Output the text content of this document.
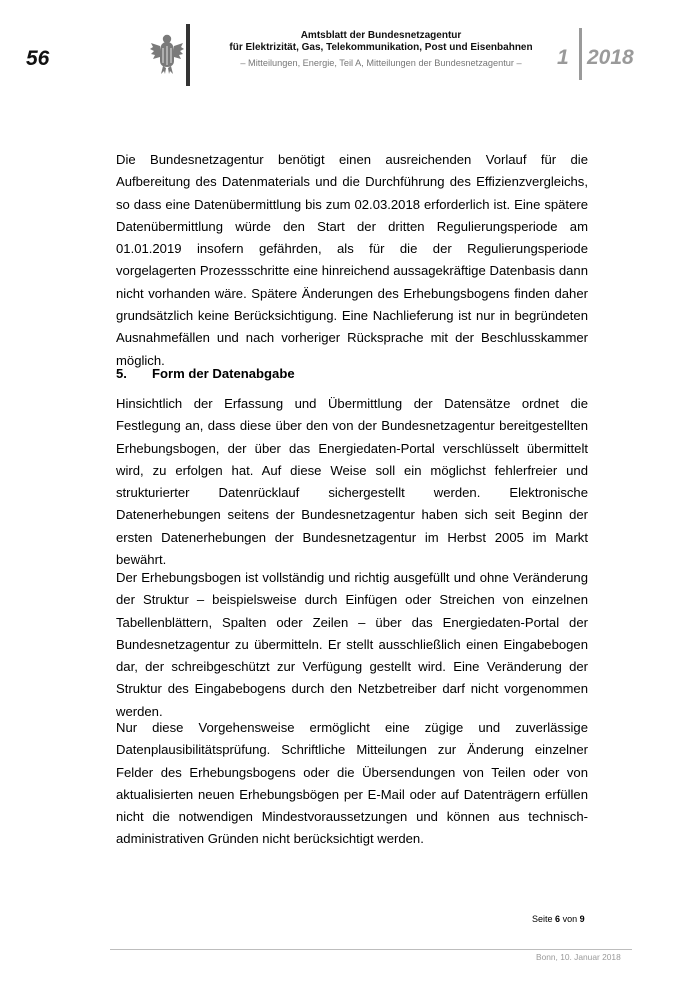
56
Amtsblatt der Bundesnetzagentur
für Elektrizität, Gas, Telekommunikation, Post und Eisenbahnen
– Mitteilungen, Energie, Teil A, Mitteilungen der Bundesnetzagentur –	1 2018

Die Bundesnetzagentur benötigt einen ausreichenden Vorlauf für die Aufbereitung des Datenmaterials und die Durchführung des Effizienzvergleichs, so dass eine Datenübermittlung bis zum 02.03.2018 erforderlich ist. Eine spätere Datenübermittlung würde den Start der dritten Regulierungsperiode am 01.01.2019 insofern gefährden, als für die der Regulierungsperiode vorgelagerten Prozessschritte eine hinreichend aussagekräftige Datenbasis dann nicht vorhanden wäre. Spätere Änderungen des Erhebungsbogens finden daher grundsätzlich keine Berücksichtigung. Eine Nachlieferung ist nur in begründeten Ausnahmefällen und nach vorheriger Rücksprache mit der Beschlusskammer möglich.

5. Form der Datenabgabe

Hinsichtlich der Erfassung und Übermittlung der Datensätze ordnet die Festlegung an, dass diese über den von der Bundesnetzagentur bereitgestellten Erhebungsbogen, der über das Energiedaten-Portal verschlüsselt übermittelt wird, zu erfolgen hat. Auf diese Weise soll ein möglichst fehlerfreier und strukturierter Datenrücklauf sichergestellt werden. Elektronische Datenerhebungen seitens der Bundesnetzagentur haben sich seit Beginn der ersten Datenerhebungen der Bundesnetzagentur im Herbst 2005 im Markt bewährt.

Der Erhebungsbogen ist vollständig und richtig ausgefüllt und ohne Veränderung der Struktur – beispielsweise durch Einfügen oder Streichen von einzelnen Tabellenblättern, Spalten oder Zeilen – über das Energiedaten-Portal der Bundesnetzagentur zu übermitteln. Er stellt ausschließlich einen Eingabebogen dar, der schreibgeschützt zur Verfügung gestellt wird. Eine Veränderung der Struktur des Eingabebogens durch den Netzbetreiber darf nicht vorgenommen werden.

Nur diese Vorgehensweise ermöglicht eine zügige und zuverlässige Datenplausibilitätsprüfung. Schriftliche Mitteilungen zur Änderung einzelner Felder des Erhebungsbogens oder die Übersendungen von Teilen oder von aktualisierten neuen Erhebungsbögen per E-Mail oder auf Datenträgern erfüllen nicht die notwendigen Mindestvoraussetzungen und können aus technisch-administrativen Gründen nicht berücksichtigt werden.

Seite 6 von 9
Bonn, 10. Januar 2018
